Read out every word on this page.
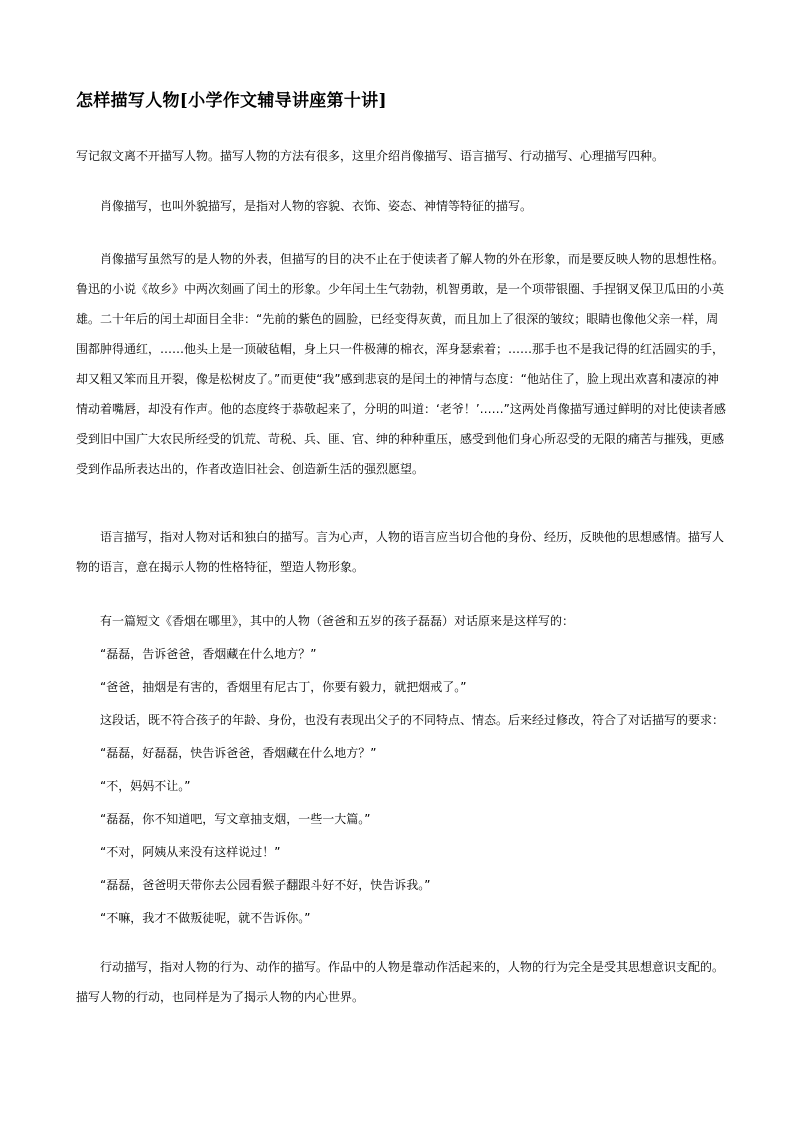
怎样描写人物[小学作文辅导讲座第十讲]

写记叙文离不开描写人物。描写人物的方法有很多，这里介绍肖像描写、语言描写、行动描写、心理描写四种。

肖像描写，也叫外貌描写，是指对人物的容貌、衣饰、姿态、神情等特征的描写。

肖像描写虽然写的是人物的外表，但描写的目的决不止在于使读者了解人物的外在形象，而是要反映人物的思想性格。鲁迅的小说《故乡》中两次刻画了闰土的形象。少年闰土生气勃勃，机智勇敢，是一个项带银圈、手捏钢叉保卫瓜田的小英雄。二十年后的闰土却面目全非：“先前的紫色的圆脸，已经变得灰黄，而且加上了很深的皱纹；眼睛也像他父亲一样，周围都肿得通红，……他头上是一顶破毡帽，身上只一件极薄的棉衣，浑身瑟索着；……那手也不是我记得的红活圆实的手，却又粗又笨而且开裂，像是松树皮了。”而更使“我”感到悲哀的是闰土的神情与态度：“他站住了，脸上现出欢喜和凄凉的神情动着嘴唇，却没有作声。他的态度终于恭敬起来了，分明的叫道：‘老爷！’……”这两处肖像描写通过鲜明的对比使读者感受到旧中国广大农民所经受的饥荒、苛税、兵、匪、官、绅的种种重压，感受到他们身心所忍受的无限的痛苦与摧残，更感受到作品所表达出的，作者改造旧社会、创造新生活的强烈愿望。

语言描写，指对人物对话和独白的描写。言为心声，人物的语言应当切合他的身份、经历，反映他的思想感情。描写人物的语言，意在揭示人物的性格特征，塑造人物形象。

有一篇短文《香烟在哪里》，其中的人物（爸爸和五岁的孩子磊磊）对话原来是这样写的：

“磊磊，告诉爸爸，香烟藏在什么地方？”

“爸爸，抽烟是有害的，香烟里有尼古丁，你要有毅力，就把烟戒了。”

这段话，既不符合孩子的年龄、身份，也没有表现出父子的不同特点、情态。后来经过修改，符合了对话描写的要求：

“磊磊，好磊磊，快告诉爸爸，香烟藏在什么地方？”

“不，妈妈不让。”

“磊磊，你不知道吧，写文章抽支烟，一些一大篇。”

“不对，阿姨从来没有这样说过！”

“磊磊，爸爸明天带你去公园看猴子翻跟斗好不好，快告诉我。”

“不嘛，我才不做叛徒呢，就不告诉你。”

行动描写，指对人物的行为、动作的描写。作品中的人物是靠动作活起来的，人物的行为完全是受其思想意识支配的。描写人物的行动，也同样是为了揭示人物的内心世界。
